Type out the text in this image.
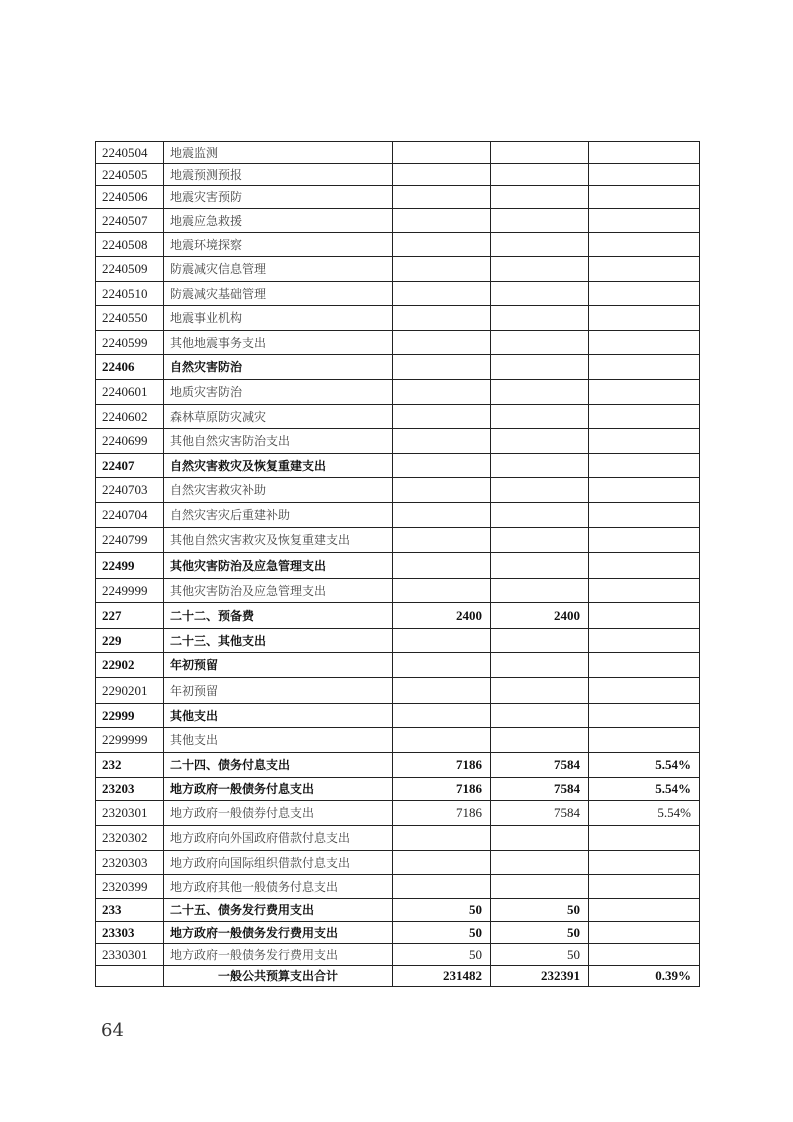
2240504	地震监测			
2240505	地震预测预报			
2240506	地震灾害预防			
2240507	地震应急救援			
2240508	地震环境探察			
2240509	防震减灾信息管理			
2240510	防震减灾基础管理			
2240550	地震事业机构			
2240599	其他地震事务支出			
22406	自然灾害防治			
2240601	地质灾害防治			
2240602	森林草原防灾减灾			
2240699	其他自然灾害防治支出			
22407	自然灾害救灾及恢复重建支出			
2240703	自然灾害救灾补助			
2240704	自然灾害灾后重建补助			
2240799	其他自然灾害救灾及恢复重建支出			
22499	其他灾害防治及应急管理支出			
2249999	其他灾害防治及应急管理支出			
227	二十二、预备费	2400	2400	
229	二十三、其他支出			
22902	年初预留			
2290201	年初预留			
22999	其他支出			
2299999	其他支出			
232	二十四、债务付息支出	7186	7584	5.54%
23203	地方政府一般债务付息支出	7186	7584	5.54%
2320301	地方政府一般债券付息支出	7186	7584	5.54%
2320302	地方政府向外国政府借款付息支出			
2320303	地方政府向国际组织借款付息支出			
2320399	地方政府其他一般债务付息支出			
233	二十五、债务发行费用支出	50	50	
23303	地方政府一般债务发行费用支出	50	50	
2330301	地方政府一般债务发行费用支出	50	50	
	一般公共预算支出合计	231482	232391	0.39%
64
